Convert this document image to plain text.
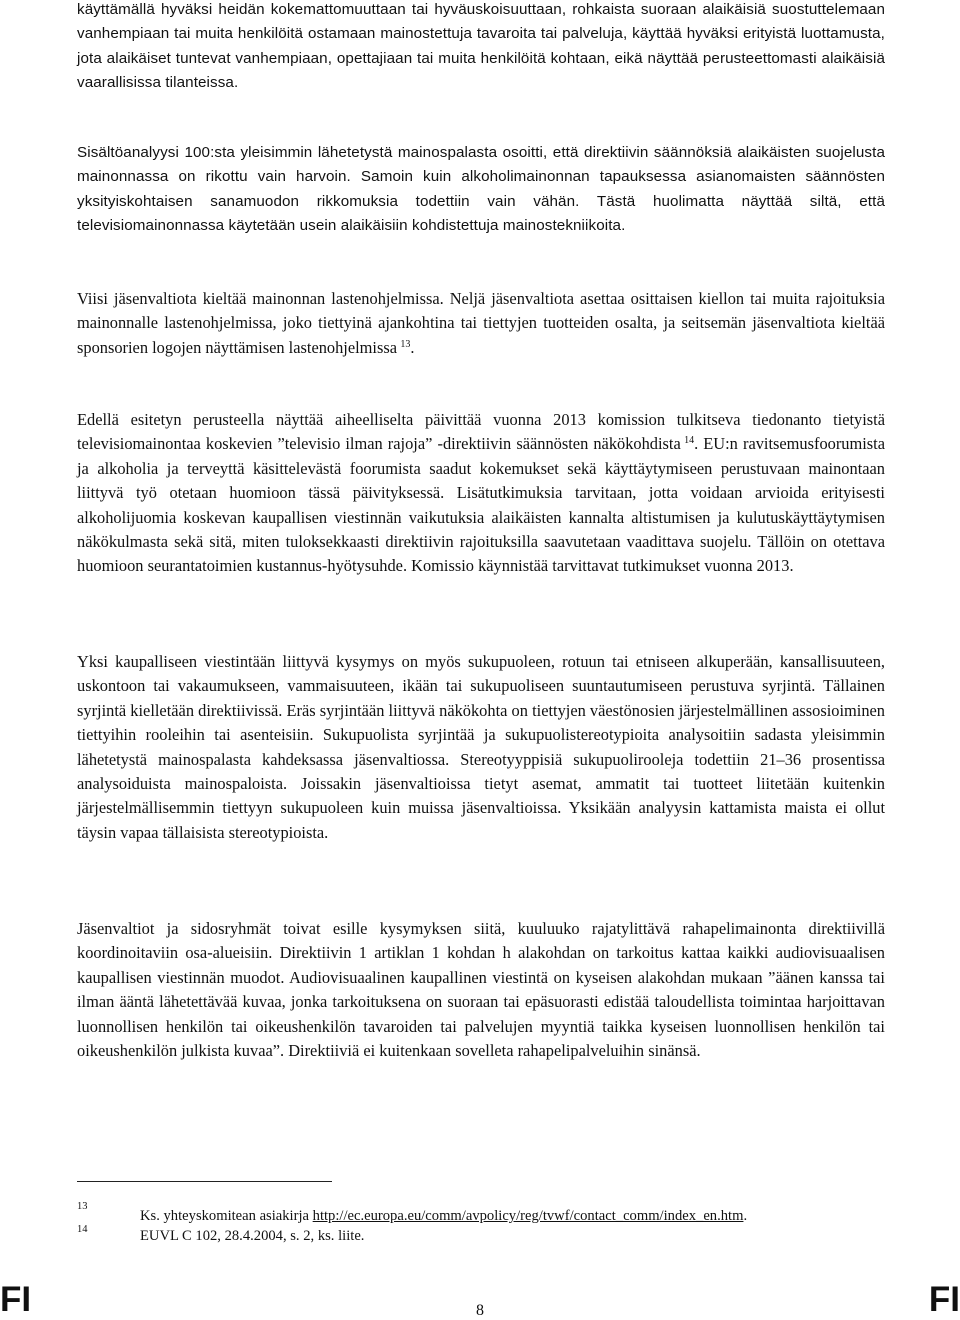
käyttämällä hyväksi heidän kokemattomuuttaan tai hyväuskoisuuttaan, rohkaista suoraan alaikäisiä suostuttelemaan vanhempiaan tai muita henkilöitä ostamaan mainostettuja tavaroita tai palveluja, käyttää hyväksi erityistä luottamusta, jota alaikäiset tuntevat vanhempiaan, opettajiaan tai muita henkilöitä kohtaan, eikä näyttää perusteettomasti alaikäisiä vaarallisissa tilanteissa.

Sisältöanalyysi 100:sta yleisimmin lähetetystä mainospalasta osoitti, että direktiivin säännöksiä alaikäisten suojelusta mainonnassa on rikottu vain harvoin. Samoin kuin alkoholimainonnan tapauksessa asianomaisten säännösten yksityiskohtaisen sanamuodon rikkomuksia todettiin vain vähän. Tästä huolimatta näyttää siltä, että televisiomainonnassa käytetään usein alaikäisiin kohdistettuja mainostekniikoita.

Viisi jäsenvaltiota kieltää mainonnan lastenohjelmissa. Neljä jäsenvaltiota asettaa osittaisen kiellon tai muita rajoituksia mainonnalle lastenohjelmissa, joko tiettyinä ajankohtina tai tiettyjen tuotteiden osalta, ja seitsemän jäsenvaltiota kieltää sponsorien logojen näyttämisen lastenohjelmissa  $^{13}$.

Edellä esitetyn perusteella näyttää aiheelliselta päivittää vuonna 2013 komission tulkitseva tiedonanto tietyistä televisiomainontaa koskevien ”televisio ilman rajoja” -direktiivin säännösten näkökohdista  $^{14}$. EU:n ravitsemusfoorumista ja alkoholia ja terveyttä käsittelevästä foorumista saadut kokemukset sekä käyttäytymiseen perustuvaan mainontaan liittyvä työ otetaan huomioon tässä päivityksessä. Lisätutkimuksia tarvitaan, jotta voidaan arvioida erityisesti alkoholijuomia koskevan kaupallisen viestinnän vaikutuksia alaikäisten kannalta altistumisen ja kulutuskäyttäytymisen näkökulmasta sekä sitä, miten tuloksekkaasti direktiivin rajoituksilla saavutetaan vaadittava suojelu. Tällöin on otettava huomioon seurantatoimien kustannus-hyötysuhde. Komissio käynnistää tarvittavat tutkimukset vuonna 2013.

Yksi kaupalliseen viestintään liittyvä kysymys on myös sukupuoleen, rotuun tai etniseen alkuperään, kansallisuuteen, uskontoon tai vakaumukseen, vammaisuuteen, ikään tai sukupuoliseen suuntautumiseen perustuva syrjintä. Tällainen syrjintä kielletään direktiivissä. Eräs syrjintään liittyvä näkökohta on tiettyjen väestönosien järjestelmällinen assosioiminen tiettyihin rooleihin tai asenteisiin. Sukupuolista syrjintää ja sukupuolistereotypioita analysoitiin sadasta yleisimmin lähetetystä mainospalasta kahdeksassa jäsenvaltiossa. Stereotyyppisiä sukupuolirooleja todettiin 21–36 prosentissa analysoiduista mainospaloista. Joissakin jäsenvaltioissa tietyt asemat, ammatit tai tuotteet liitetään kuitenkin järjestelmällisemmin tiettyyn sukupuoleen kuin muissa jäsenvaltioissa. Yksikään analyysin kattamista maista ei ollut täysin vapaa tällaisista stereotypioista.

Jäsenvaltiot ja sidosryhmät toivat esille kysymyksen siitä, kuuluuko rajatylittävä rahapelimainonta direktiivillä koordinoitaviin osa-alueisiin. Direktiivin 1 artiklan 1 kohdan h alakohdan on tarkoitus kattaa kaikki audiovisuaalisen kaupallisen viestinnän muodot. Audiovisuaalinen kaupallinen viestintä on kyseisen alakohdan mukaan ”äänen kanssa tai ilman ääntä lähetettävää kuvaa, jonka tarkoituksena on suoraan tai epäsuorasti edistää taloudellista toimintaa harjoittavan luonnollisen henkilön tai oikeushenkilön tavaroiden tai palvelujen myyntiä taikka kyseisen luonnollisen henkilön tai oikeushenkilön julkista kuvaa”. Direktiiviä ei kuitenkaan sovelleta rahapelipalveluihin sinänsä.

13
14
Ks. yhteyskomitean asiakirja http://ec.europa.eu/comm/avpolicy/reg/tvwf/contact_comm/index_en.htm.
EUVL C 102, 28.4.2004, s. 2, ks. liite.
FI	8	FI
